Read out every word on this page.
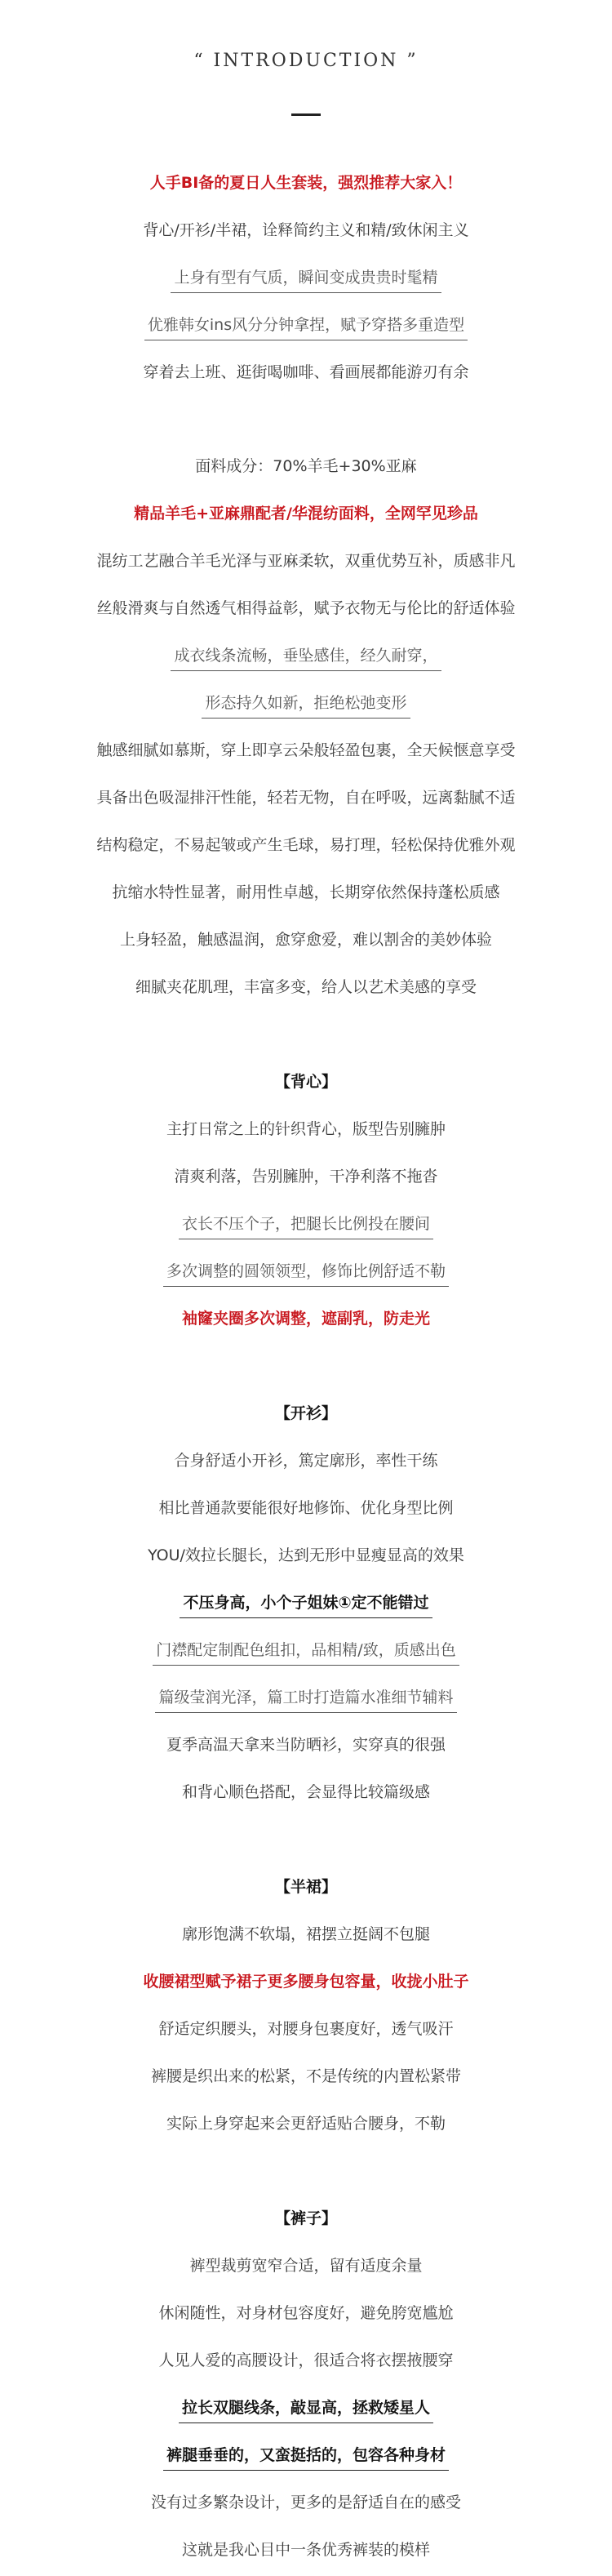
“ INTRODUCTION ”
人手BI备的夏日人生套装，强烈推荐大家入！
背心/开衫/半裙，诠释简约主义和精/致休闲主义
上身有型有气质，瞬间变成贵贵时髦精
优雅韩女ins风分分钟拿捏，赋予穿搭多重造型
穿着去上班、逛街喝咖啡、看画展都能游刃有余
面料成分：70%羊毛+30%亚麻
精品羊毛+亚麻鼎配者/华混纺面料，全网罕见珍品
混纺工艺融合羊毛光泽与亚麻柔软，双重优势互补，质感非凡
丝般滑爽与自然透气相得益彰，赋予衣物无与伦比的舒适体验
成衣线条流畅，垂坠感佳，经久耐穿，
形态持久如新，拒绝松弛变形
触感细腻如慕斯，穿上即享云朵般轻盈包裹，全天候惬意享受
具备出色吸湿排汗性能，轻若无物，自在呼吸，远离黏腻不适
结构稳定，不易起皱或产生毛球，易打理，轻松保持优雅外观
抗缩水特性显著，耐用性卓越，长期穿依然保持蓬松质感
上身轻盈，触感温润，愈穿愈爱，难以割舍的美妙体验
细腻夹花肌理，丰富多变，给人以艺术美感的享受
【背心】
主打日常之上的针织背心，版型告别臃肿
清爽利落，告别臃肿，干净利落不拖沓
衣长不压个子，把腿长比例投在腰间
多次调整的圆领领型，修饰比例舒适不勒
袖窿夹圈多次调整，遮副乳，防走光
【开衫】
合身舒适小开衫，篤定廓形，率性干练
相比普通款要能很好地修饰、优化身型比例
YOU/效拉长腿长，达到无形中显瘦显高的效果
不压身高，小个子姐妹①定不能错过
门襟配定制配色组扣，品相精/致，质感出色
篇级莹润光泽，篇工时打造篇水准细节辅料
夏季高温天拿来当防晒衫，实穿真的很强
和背心顺色搭配，会显得比较篇级感
【半裙】
廓形饱满不软塌，裙摆立挺阔不包腿
收腰裙型赋予裙子更多腰身包容量，收拢小肚子
舒适定织腰头，对腰身包裹度好，透气吸汗
裤腰是织出来的松紧，不是传统的内置松紧带
实际上身穿起来会更舒适贴合腰身，不勒
【裤子】
裤型裁剪宽窄合适，留有适度余量
休闲随性，对身材包容度好，避免胯宽尴尬
人见人爱的高腰设计，很适合将衣摆掖腰穿
拉长双腿线条，敲显高，拯救矮星人
裤腿垂垂的，又蛮挺括的，包容各种身材
没有过多繁杂设计，更多的是舒适自在的感受
这就是我心目中一条优秀裤装的模样
